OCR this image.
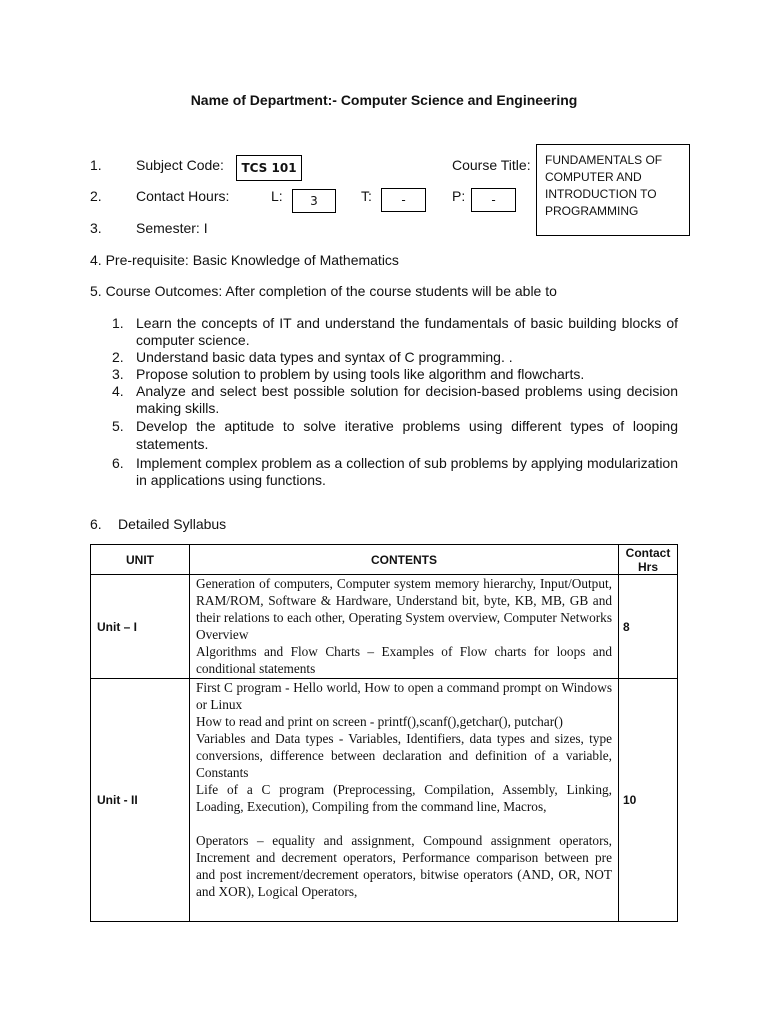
Name of Department:- Computer Science and Engineering
1. Subject Code:	TCS 101	Course Title: FUNDAMENTALS OF
COMPUTER AND
INTRODUCTION TO
PROGRAMMING
2. Contact Hours:	L:	3	T:	-	P:	-
3. Semester: I
4. Pre-requisite: Basic Knowledge of Mathematics
5. Course Outcomes: After completion of the course students will be able to
1. Learn the concepts of IT and understand the fundamentals of basic building blocks of computer science.
2. Understand basic data types and syntax of C programming. .
3. Propose solution to problem by using tools like algorithm and flowcharts.
4. Analyze and select best possible solution for decision-based problems using decision making skills.
5. Develop the aptitude to solve iterative problems using different types of looping statements.
6. Implement complex problem as a collection of sub problems by applying modularization in applications using functions.
6. Detailed Syllabus
UNIT	CONTENTS	Contact
Hrs

Unit – I	Generation of computers, Computer system memory hierarchy, Input/Output, RAM/ROM, Software & Hardware, Understand bit, byte, KB, MB, GB and their relations to each other, Operating System overview, Computer Networks Overview

Algorithms and Flow Charts – Examples of Flow charts for loops and conditional statements	8
Unit - II	First C program - Hello world, How to open a command prompt on Windows or Linux

How to read and print on screen - printf(),scanf(),getchar(), putchar()

Variables and Data types - Variables, Identifiers, data types and sizes, type conversions, difference between declaration and definition of a variable, Constants

Life of a C program (Preprocessing, Compilation, Assembly, Linking, Loading, Execution), Compiling from the command line, Macros,

Operators – equality and assignment, Compound assignment operators, Increment and decrement operators, Performance comparison between pre and post increment/decrement operators, bitwise operators (AND, OR, NOT and XOR), Logical Operators,	10
